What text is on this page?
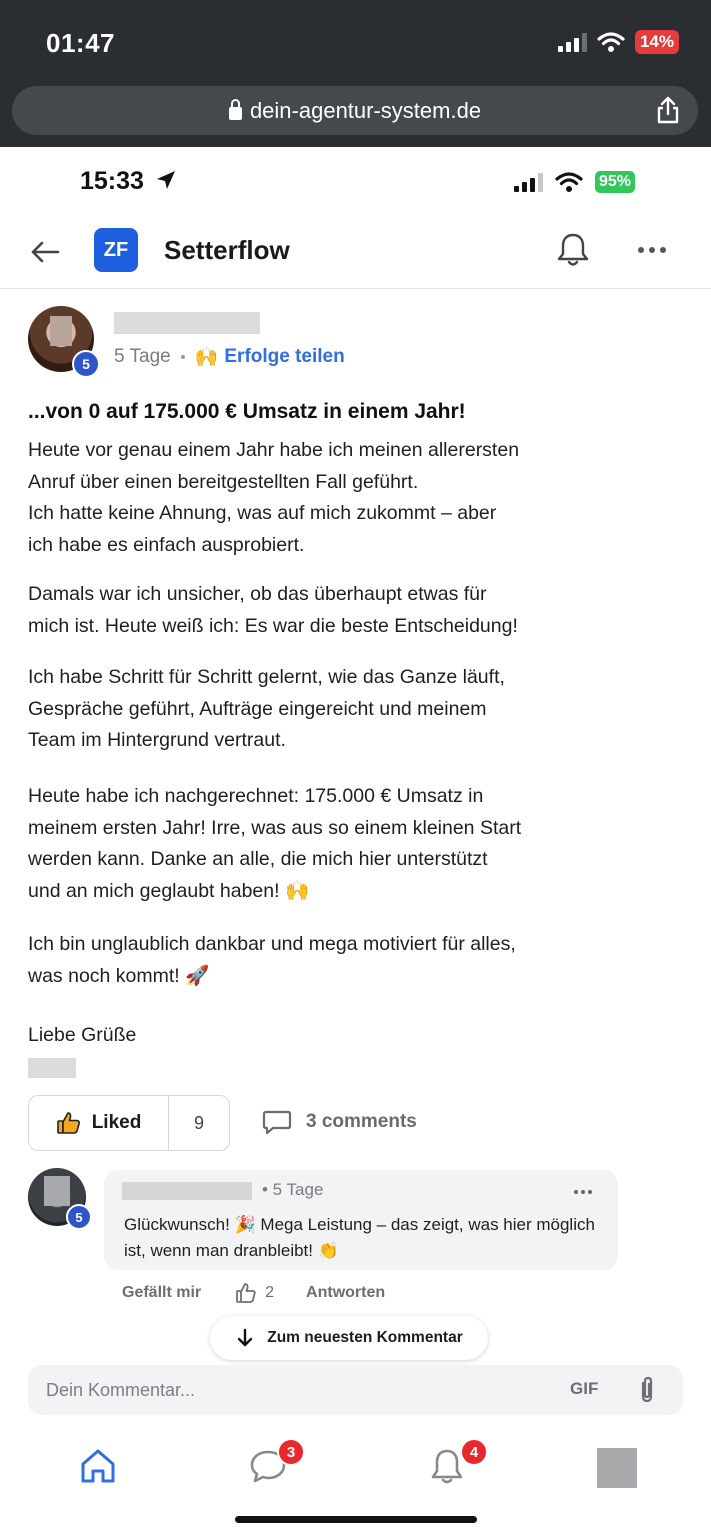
01:47	14%
dein-agentur-system.de
15:33	95%
ZF	Setterflow
5	5 Tage 🙌 Erfolge teilen
...von 0 auf 175.000 € Umsatz in einem Jahr!
Heute vor genau einem Jahr habe ich meinen allerersten
Anruf über einen bereitgestellten Fall geführt.
Ich hatte keine Ahnung, was auf mich zukommt – aber
ich habe es einfach ausprobiert.
Damals war ich unsicher, ob das überhaupt etwas für
mich ist. Heute weiß ich: Es war die beste Entscheidung!
Ich habe Schritt für Schritt gelernt, wie das Ganze läuft,
Gespräche geführt, Aufträge eingereicht und meinem
Team im Hintergrund vertraut.
Heute habe ich nachgerechnet: 175.000 € Umsatz in
meinem ersten Jahr! Irre, was aus so einem kleinen Start
werden kann. Danke an alle, die mich hier unterstützt
und an mich geglaubt haben! 🙌
Ich bin unglaublich dankbar und mega motiviert für alles,
was noch kommt! 🚀
Liebe Grüße
Liked	9	3 comments
5
• 5 Tage
Glückwunsch! 🎉 Mega Leistung – das zeigt, was hier möglich ist, wenn man dranbleibt! 👏
Gefällt mir	2 Antworten
Zum neuesten Kommentar
Dein Kommentar...
GIF
3	4
